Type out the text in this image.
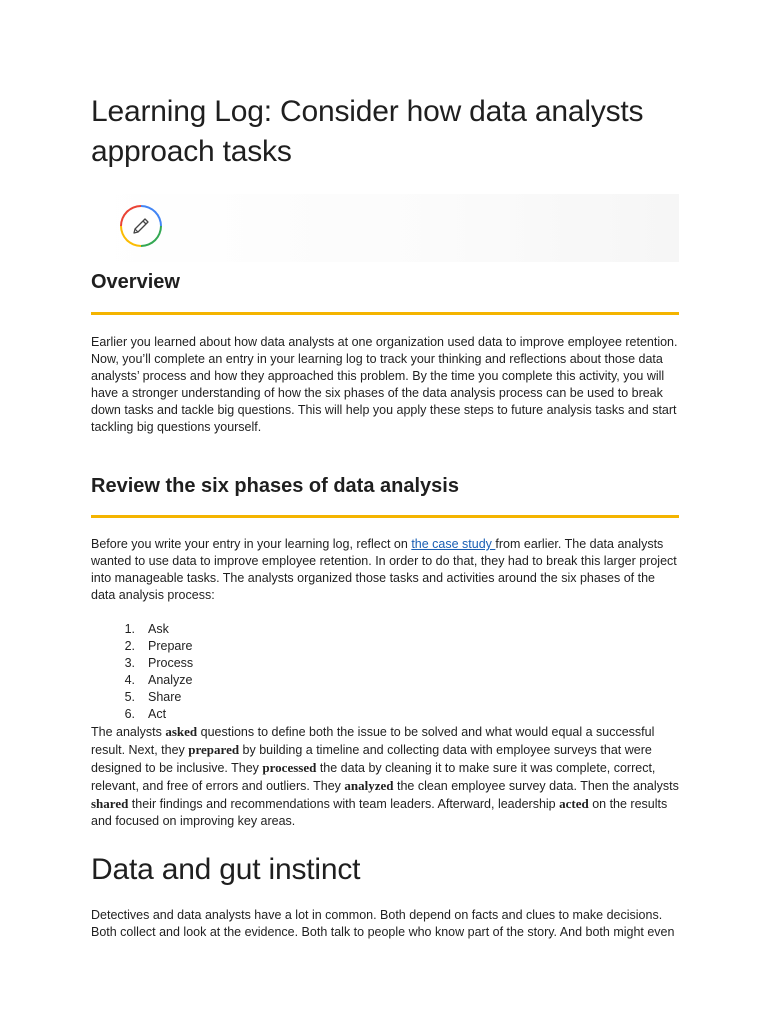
Learning Log: Consider how data analysts approach tasks
Overview

Earlier you learned about how data analysts at one organization used data to improve employee retention. Now, you’ll complete an entry in your learning log to track your thinking and reflections about those data analysts’ process and how they approached this problem. By the time you complete this activity, you will have a stronger understanding of how the six phases of the data analysis process can be used to break down tasks and tackle big questions. This will help you apply these steps to future analysis tasks and start tackling big questions yourself.

Review the six phases of data analysis

Before you write your entry in your learning log, reflect on the case study from earlier. The data analysts wanted to use data to improve employee retention. In order to do that, they had to break this larger project into manageable tasks. The analysts organized those tasks and activities around the six phases of the data analysis process:

1. Ask
2. Prepare
3. Process
4. Analyze
5. Share
6. Act

The analysts asked questions to define both the issue to be solved and what would equal a successful result. Next, they prepared by building a timeline and collecting data with employee surveys that were designed to be inclusive. They processed the data by cleaning it to make sure it was complete, correct, relevant, and free of errors and outliers. They analyzed the clean employee survey data. Then the analysts shared their findings and recommendations with team leaders. Afterward, leadership acted on the results and focused on improving key areas.

Data and gut instinct

Detectives and data analysts have a lot in common. Both depend on facts and clues to make decisions. Both collect and look at the evidence. Both talk to people who know part of the story. And both might even
